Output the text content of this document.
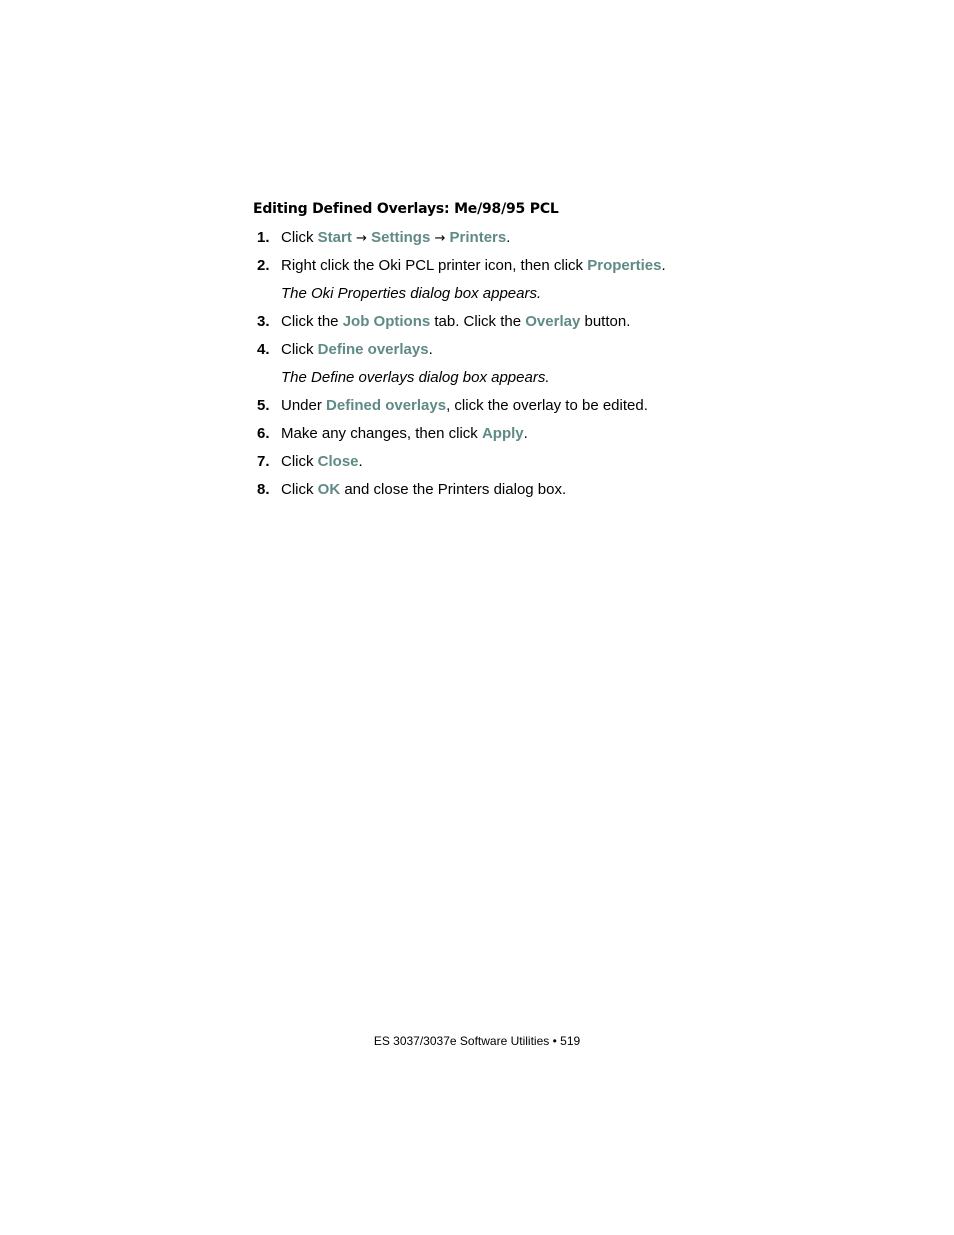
Editing Defined Overlays: Me/98/95 PCL
1. Click Start → Settings → Printers.
2. Right click the Oki PCL printer icon, then click Properties.
The Oki Properties dialog box appears.
3. Click the Job Options tab. Click the Overlay button.
4. Click Define overlays.
The Define overlays dialog box appears.
5. Under Defined overlays, click the overlay to be edited.
6. Make any changes, then click Apply.
7. Click Close.
8. Click OK and close the Printers dialog box.
ES 3037/3037e Software Utilities • 519
